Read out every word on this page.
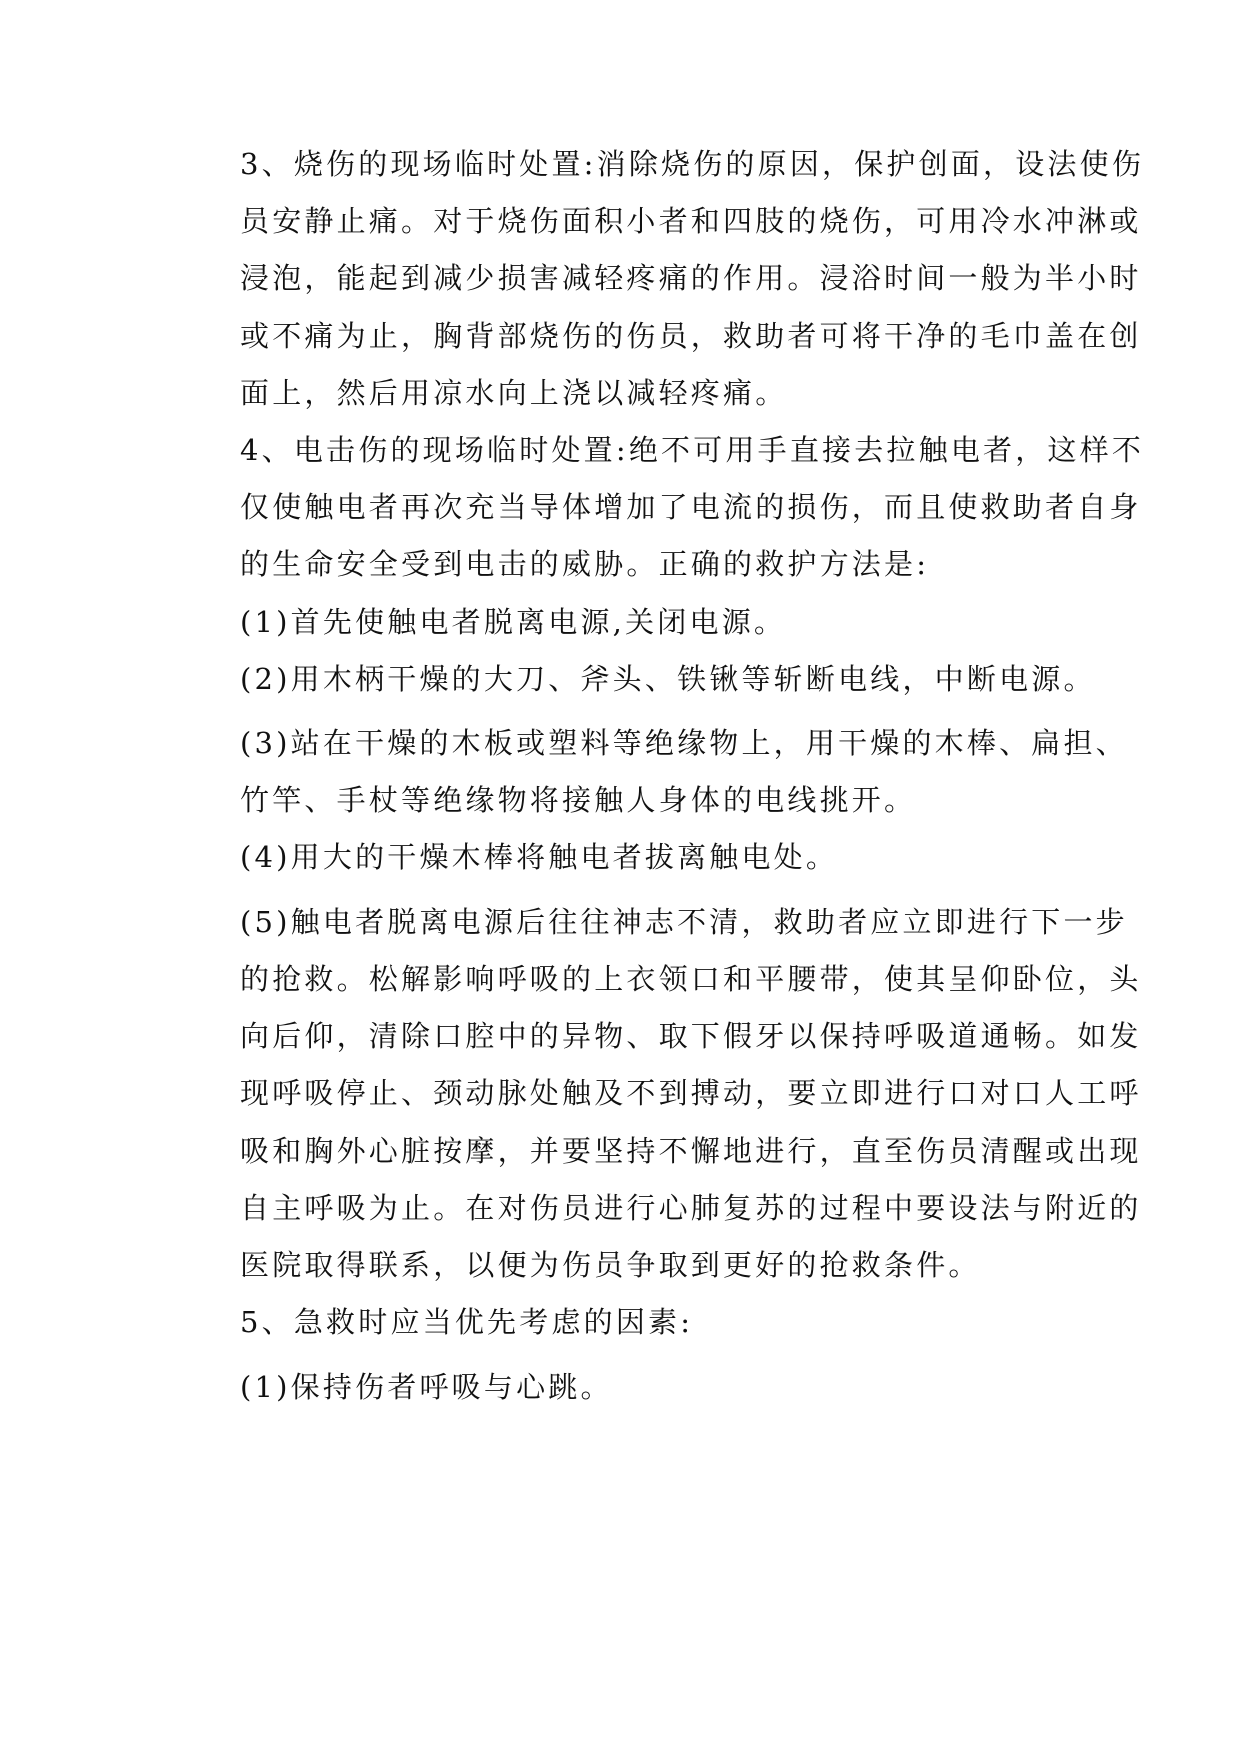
3、烧伤的现场临时处置:消除烧伤的原因，保护创面，设法使伤
员安静止痛。对于烧伤面积小者和四肢的烧伤，可用冷水冲淋或
浸泡，能起到减少损害减轻疼痛的作用。浸浴时间一般为半小时
或不痛为止，胸背部烧伤的伤员，救助者可将干净的毛巾盖在创
面上，然后用凉水向上浇以减轻疼痛。
4、电击伤的现场临时处置:绝不可用手直接去拉触电者，这样不
仅使触电者再次充当导体增加了电流的损伤，而且使救助者自身
的生命安全受到电击的威胁。正确的救护方法是:
(1)首先使触电者脱离电源,关闭电源。
(2)用木柄干燥的大刀、斧头、铁锹等斩断电线，中断电源。
(3)站在干燥的木板或塑料等绝缘物上，用干燥的木棒、扁担、
竹竿、手杖等绝缘物将接触人身体的电线挑开。
(4)用大的干燥木棒将触电者拔离触电处。
(5)触电者脱离电源后往往神志不清，救助者应立即进行下一步
的抢救。松解影响呼吸的上衣领口和平腰带，使其呈仰卧位，头
向后仰，清除口腔中的异物、取下假牙以保持呼吸道通畅。如发
现呼吸停止、颈动脉处触及不到搏动，要立即进行口对口人工呼
吸和胸外心脏按摩，并要坚持不懈地进行，直至伤员清醒或出现
自主呼吸为止。在对伤员进行心肺复苏的过程中要设法与附近的
医院取得联系，以便为伤员争取到更好的抢救条件。
5、急救时应当优先考虑的因素:
(1)保持伤者呼吸与心跳。
